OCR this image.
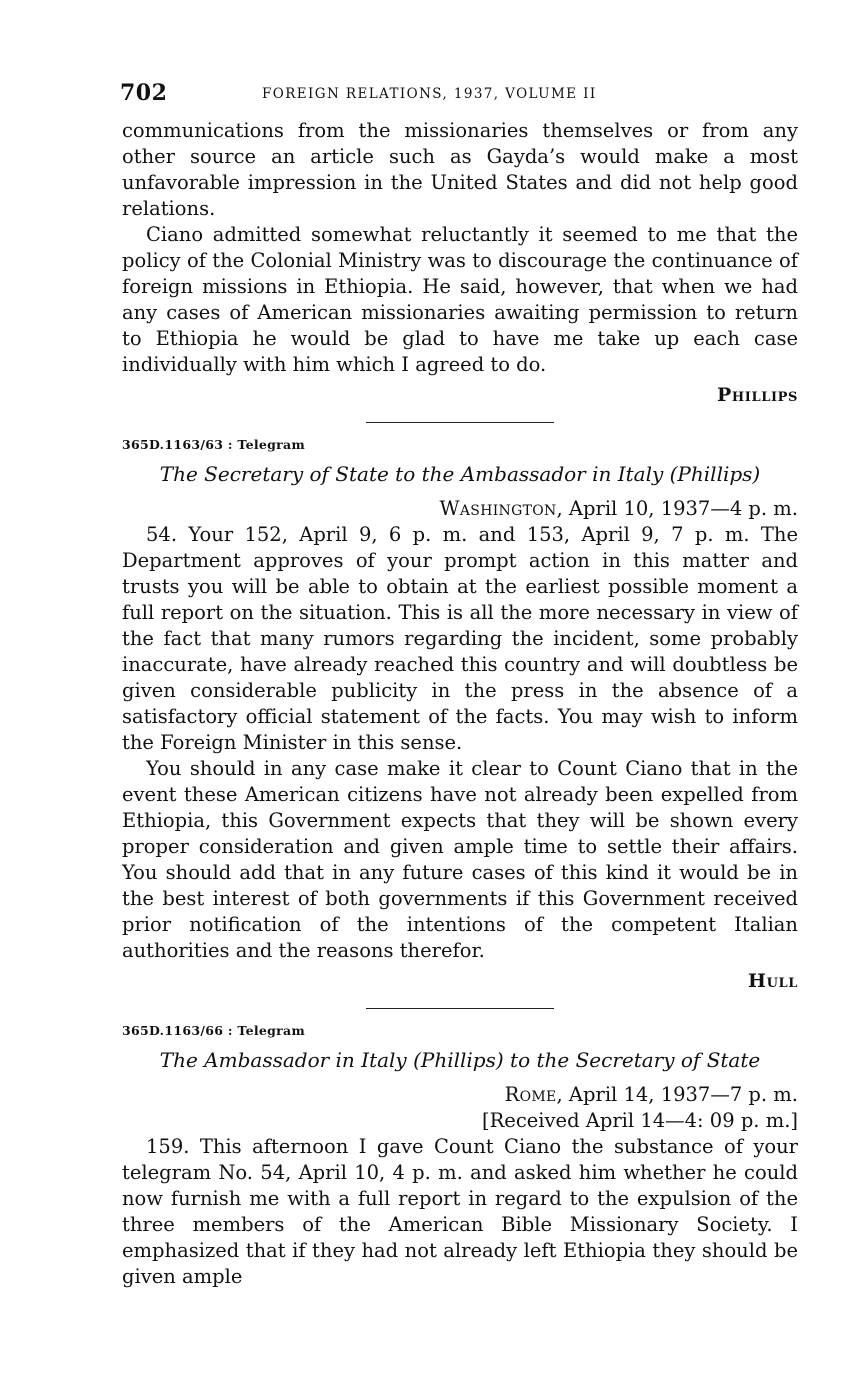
702	FOREIGN RELATIONS, 1937, VOLUME II

communications from the missionaries themselves or from any other source an article such as Gayda’s would make a most unfavorable impression in the United States and did not help good relations.

Ciano admitted somewhat reluctantly it seemed to me that the policy of the Colonial Ministry was to discourage the continuance of foreign missions in Ethiopia. He said, however, that when we had any cases of American missionaries awaiting permission to return to Ethiopia he would be glad to have me take up each case individually with him which I agreed to do.

Phillips
365D.1163/63 : Telegram
The Secretary of State to the Ambassador in Italy (Phillips)
Washington, April 10, 1937—4 p. m.

54. Your 152, April 9, 6 p. m. and 153, April 9, 7 p. m. The Department approves of your prompt action in this matter and trusts you will be able to obtain at the earliest possible moment a full report on the situation. This is all the more necessary in view of the fact that many rumors regarding the incident, some probably inaccurate, have already reached this country and will doubtless be given considerable publicity in the press in the absence of a satisfactory official statement of the facts. You may wish to inform the Foreign Minister in this sense.

You should in any case make it clear to Count Ciano that in the event these American citizens have not already been expelled from Ethiopia, this Government expects that they will be shown every proper consideration and given ample time to settle their affairs. You should add that in any future cases of this kind it would be in the best interest of both governments if this Government received prior notification of the intentions of the competent Italian authorities and the reasons therefor.

Hull
365D.1163/66 : Telegram
The Ambassador in Italy (Phillips) to the Secretary of State
Rome, April 14, 1937—7 p. m.
[Received April 14—4: 09 p. m.]

159. This afternoon I gave Count Ciano the substance of your telegram No. 54, April 10, 4 p. m. and asked him whether he could now furnish me with a full report in regard to the expulsion of the three members of the American Bible Missionary Society. I emphasized that if they had not already left Ethiopia they should be given ample
